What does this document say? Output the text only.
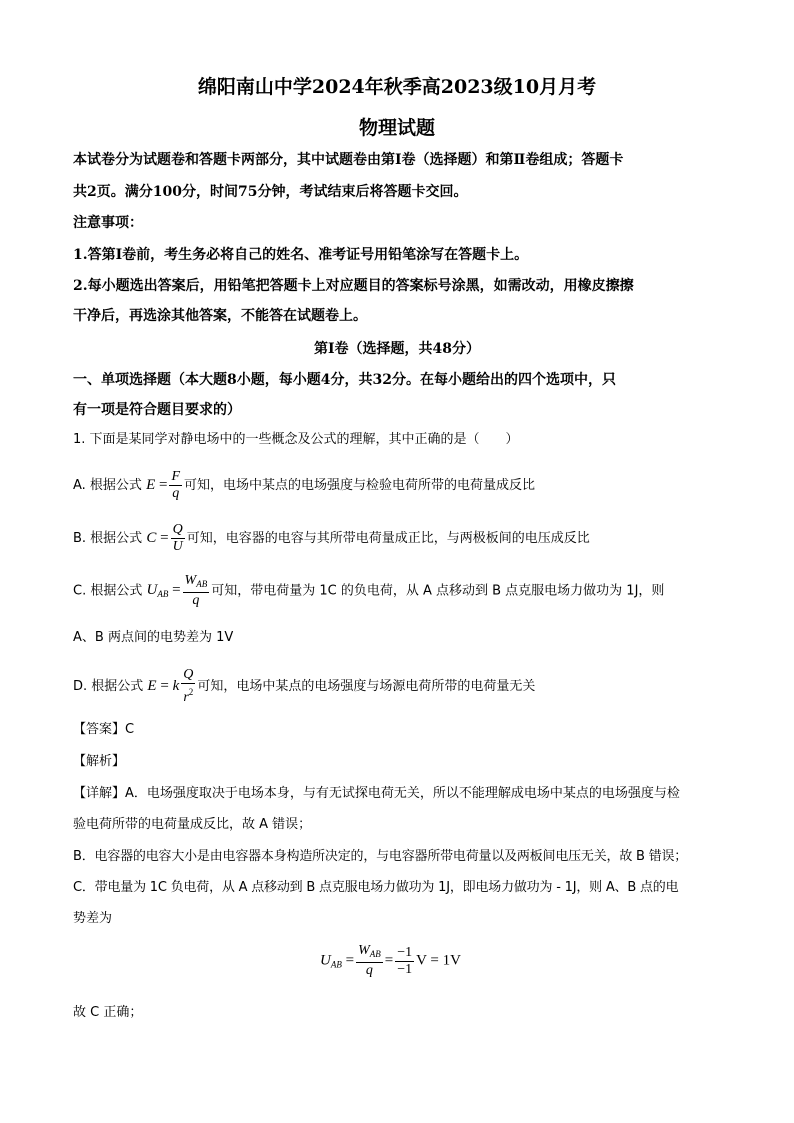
绵阳南山中学2024年秋季高2023级10月月考
物理试题
本试卷分为试题卷和答题卡两部分，其中试题卷由第Ⅰ卷（选择题）和第Ⅱ卷组成；答题卡
共2页。满分100分，时间75分钟，考试结束后将答题卡交回。
注意事项：
1.答第Ⅰ卷前，考生务必将自己的姓名、准考证号用铅笔涂写在答题卡上。
2.每小题选出答案后，用铅笔把答题卡上对应题目的答案标号涂黑，如需改动，用橡皮擦擦
干净后，再选涂其他答案，不能答在试题卷上。
第Ⅰ卷（选择题，共48分）
一、单项选择题（本大题8小题，每小题4分，共32分。在每小题给出的四个选项中，只
有一项是符合题目要求的）
1. 下面是某同学对静电场中的一些概念及公式的理解，其中正确的是（　　）
A. 根据公式 $E = \frac{F}{q}$ 可知，电场中某点的电场强度与检验电荷所带的电荷量成反比
B. 根据公式 $C = \frac{Q}{U}$ 可知，电容器的电容与其所带电荷量成正比，与两极板间的电压成反比
C. 根据公式 $U_{AB} = \frac{W_{AB}}{q}$ 可知，带电荷量为 1C 的负电荷，从 A 点移动到 B 点克服电场力做功为 1J，则
A、B 两点间的电势差为 1V
D. 根据公式 E = k $\frac{Q}{r^2}$ 可知，电场中某点的电场强度与场源电荷所带的电荷量无关
【答案】C
【解析】
【详解】A．电场强度取决于电场本身，与有无试探电荷无关，所以不能理解成电场中某点的电场强度与检
验电荷所带的电荷量成反比，故 A 错误；
B．电容器的电容大小是由电容器本身构造所决定的，与电容器所带电荷量以及两板间电压无关，故 B 错误；
C．带电量为 1C 负电荷，从 A 点移动到 B 点克服电场力做功为 1J，即电场力做功为 - 1J，则 A、B 点的电
势差为
$U_{AB} = \frac{W_{AB}}{q} = \frac{-1}{-1}$ V = 1V
故 C 正确；
